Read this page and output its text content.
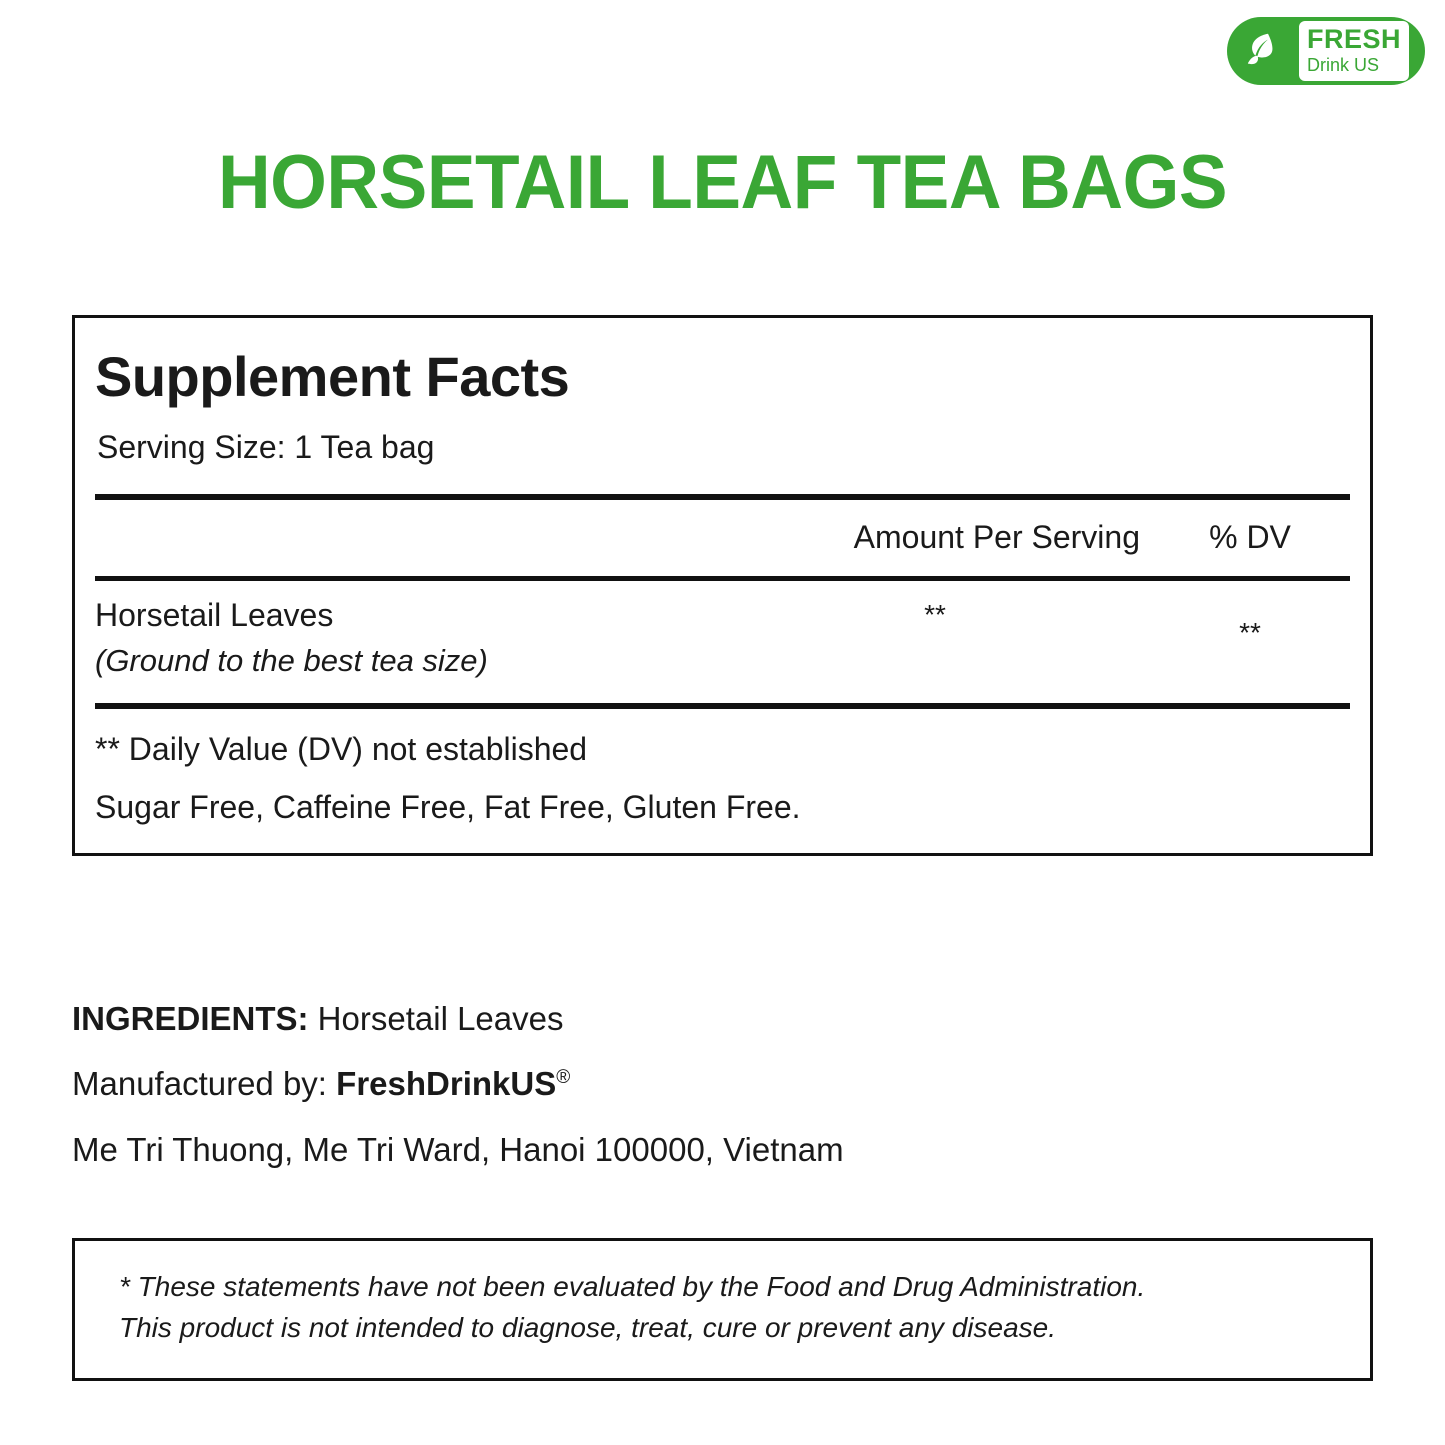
FRESH
Drink US
HORSETAIL LEAF TEA BAGS
Supplement Facts
Serving Size: 1 Tea bag
Amount Per Serving	% DV
Horsetail Leaves
(Ground to the best tea size)
**
**
** Daily Value (DV) not established
Sugar Free, Caffeine Free, Fat Free, Gluten Free.
INGREDIENTS: Horsetail Leaves
Manufactured by: FreshDrinkUS®
Me Tri Thuong, Me Tri Ward, Hanoi 100000, Vietnam

* These statements have not been evaluated by the Food and Drug Administration.

This product is not intended to diagnose, treat, cure or prevent any disease.
